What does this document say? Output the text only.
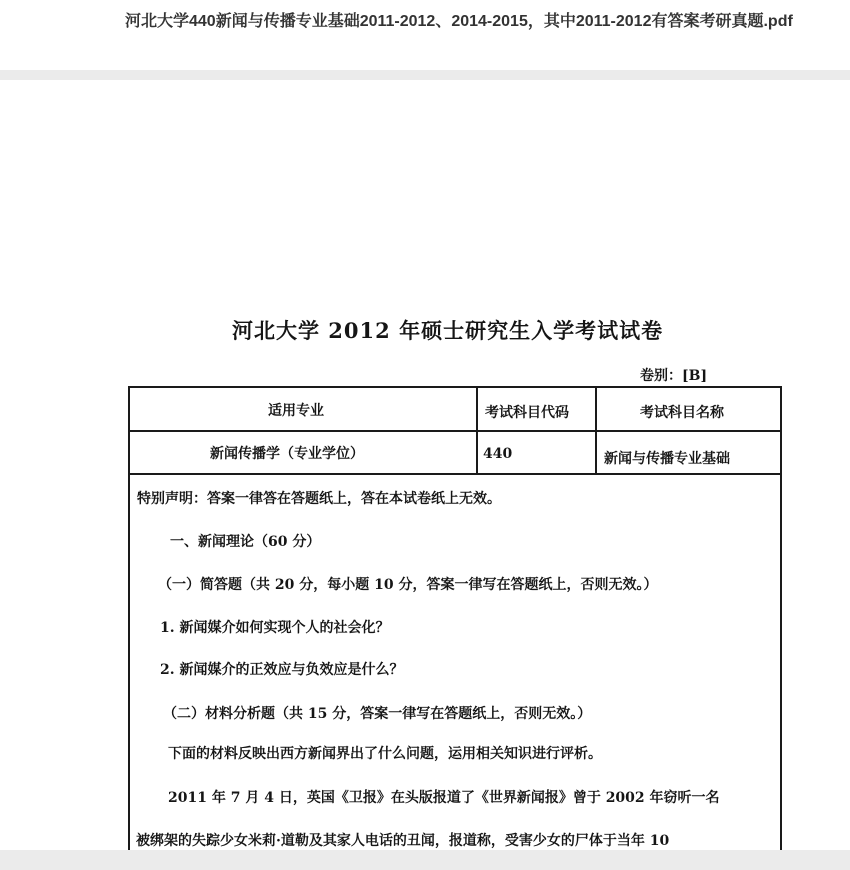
河北大学440新闻与传播专业基础2011-2012、2014-2015，其中2011-2012有答案考研真题.pdf
河北大学 2012 年硕士研究生入学考试试卷
卷别：[B]
适用专业	考试科目代码	考试科目名称
新闻传播学（专业学位）	440	新闻与传播专业基础
特别声明：答案一律答在答题纸上，答在本试卷纸上无效。
一、新闻理论（60 分）
（一）简答题（共 20 分，每小题 10 分，答案一律写在答题纸上，否则无效。）
1. 新闻媒介如何实现个人的社会化？
2. 新闻媒介的正效应与负效应是什么？
（二）材料分析题（共 15 分，答案一律写在答题纸上，否则无效。）
下面的材料反映出西方新闻界出了什么问题，运用相关知识进行评析。
2011 年 7 月 4 日，英国《卫报》在头版报道了《世界新闻报》曾于 2002 年窃听一名
被绑架的失踪少女米莉·道勒及其家人电话的丑闻，报道称，受害少女的尸体于当年 10
